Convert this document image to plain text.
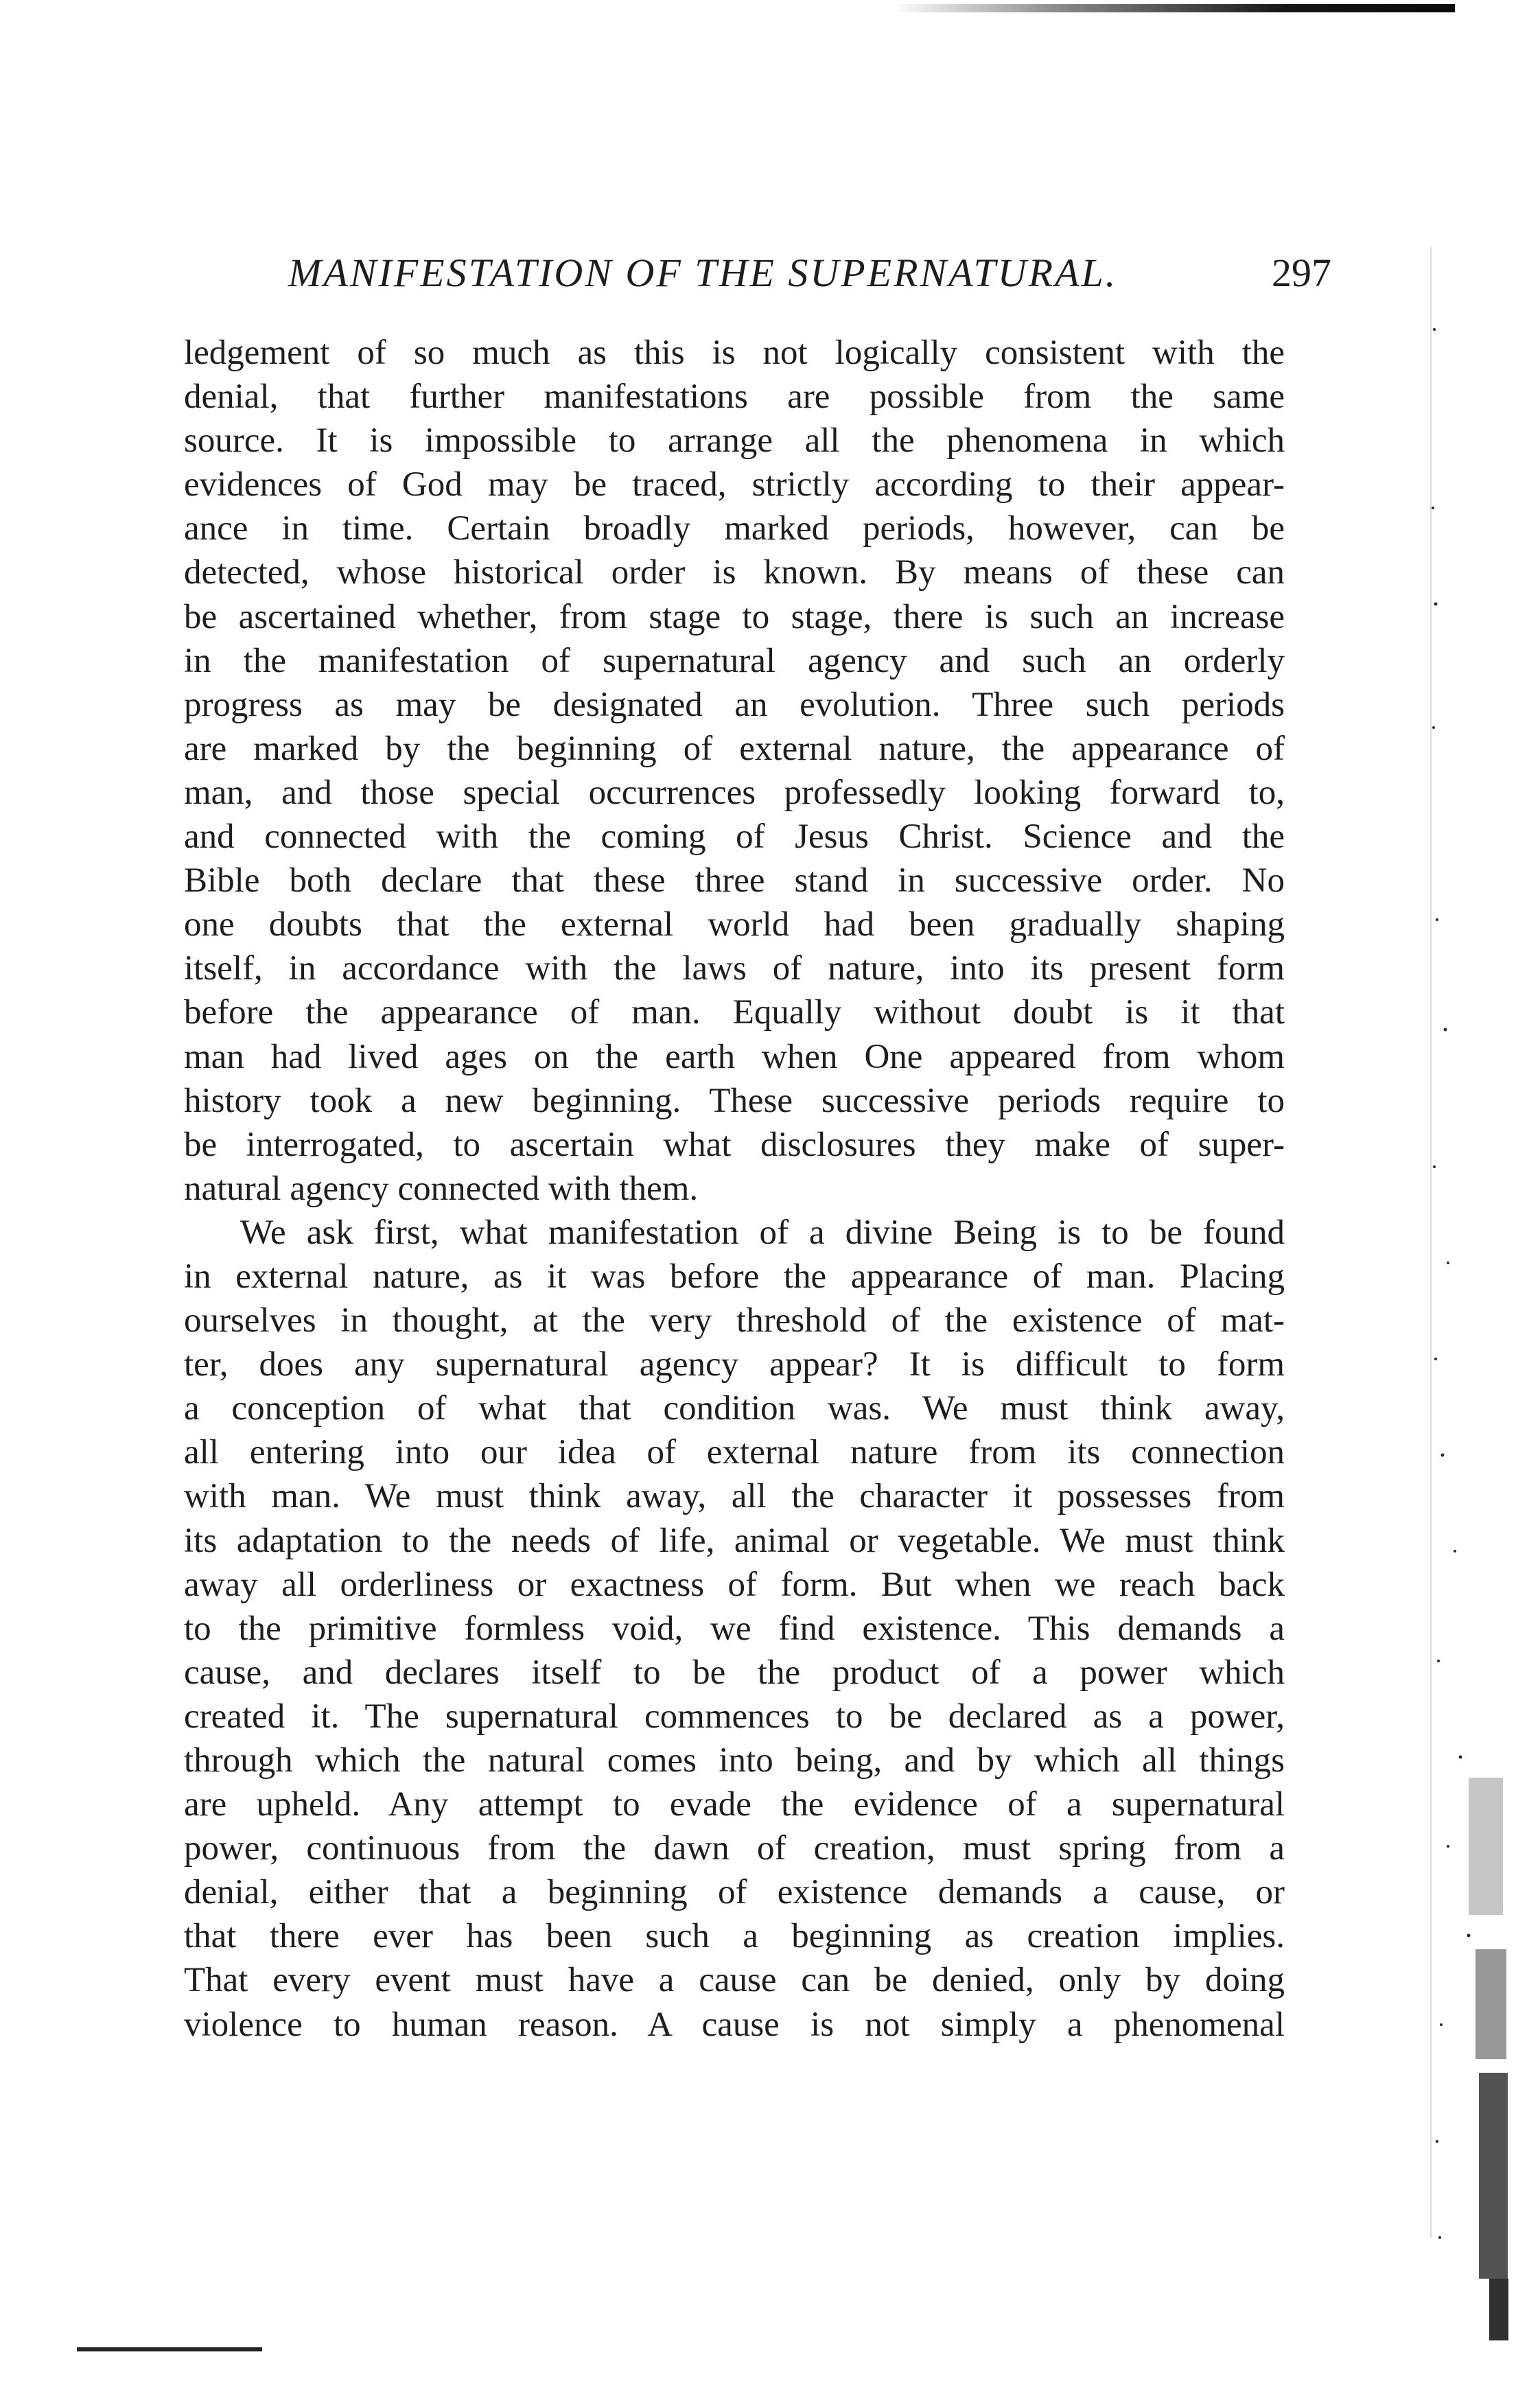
MANIFESTATION OF THE SUPERNATURAL.	297
ledgement of so much as this is not logically consistent with the
denial, that further manifestations are possible from the same
source. It is impossible to arrange all the phenomena in which
evidences of God may be traced, strictly according to their appear-
ance in time. Certain broadly marked periods, however, can be
detected, whose historical order is known. By means of these can
be ascertained whether, from stage to stage, there is such an increase
in the manifestation of supernatural agency and such an orderly
progress as may be designated an evolution. Three such periods
are marked by the beginning of external nature, the appearance of
man, and those special occurrences professedly looking forward to,
and connected with the coming of Jesus Christ. Science and the
Bible both declare that these three stand in successive order. No
one doubts that the external world had been gradually shaping
itself, in accordance with the laws of nature, into its present form
before the appearance of man. Equally without doubt is it that
man had lived ages on the earth when One appeared from whom
history took a new beginning. These successive periods require to
be interrogated, to ascertain what disclosures they make of super-
natural agency connected with them.
We ask first, what manifestation of a divine Being is to be found
in external nature, as it was before the appearance of man. Placing
ourselves in thought, at the very threshold of the existence of mat-
ter, does any supernatural agency appear? It is difficult to form
a conception of what that condition was. We must think away,
all entering into our idea of external nature from its connection
with man. We must think away, all the character it possesses from
its adaptation to the needs of life, animal or vegetable. We must think
away all orderliness or exactness of form. But when we reach back
to the primitive formless void, we find existence. This demands a
cause, and declares itself to be the product of a power which
created it. The supernatural commences to be declared as a power,
through which the natural comes into being, and by which all things
are upheld. Any attempt to evade the evidence of a supernatural
power, continuous from the dawn of creation, must spring from a
denial, either that a beginning of existence demands a cause, or
that there ever has been such a beginning as creation implies.
That every event must have a cause can be denied, only by doing
violence to human reason. A cause is not simply a phenomenal
